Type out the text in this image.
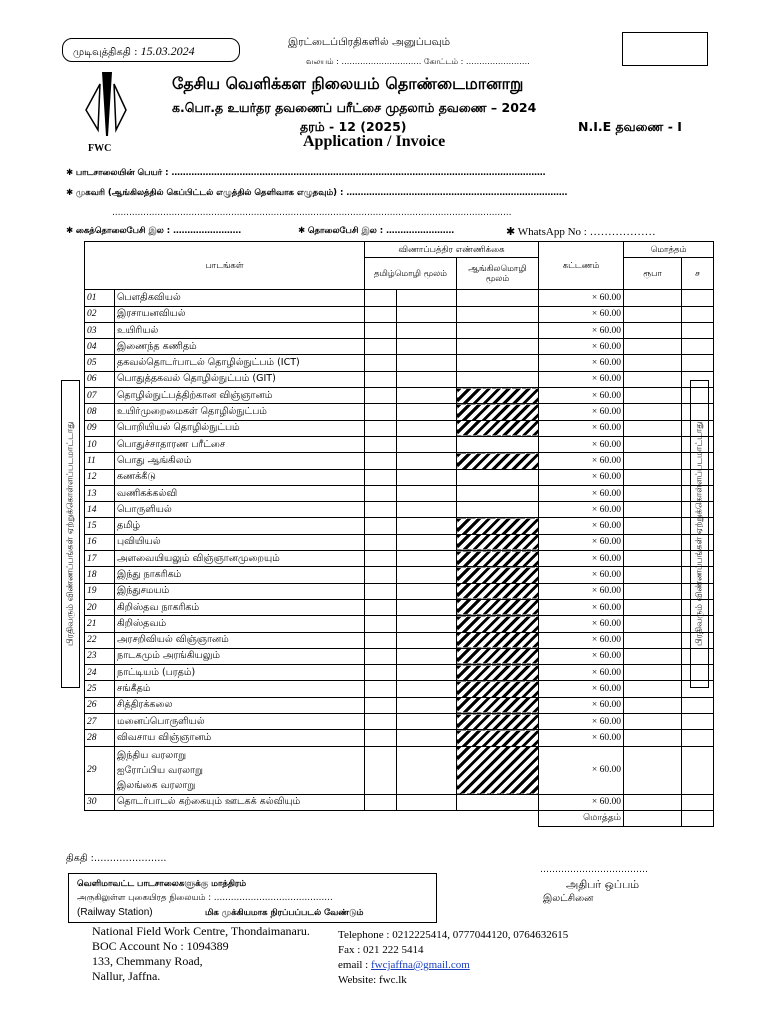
முடிவுத்திகதி : 15.03.2024
இரட்டைப்பிரதிகளில் அனுப்பவும்
வலயம் : ………………………… கோட்டம் : ……………………
FWC
தேசிய வெளிக்கள நிலையம் தொண்டைமானாறு
க.பொ.த உயர்தர தவணைப் பரீட்சை முதலாம் தவணை – 2024
தரம் - 12 (2025)	N.I.E தவணை - I
Application / Invoice
✱ பாடசாலையின் பெயர் : ……………………………………………………………………………………………………………………
✱ முகவரி (ஆங்கிலத்தில் கெப்பிட்டல் எழுத்தில் தெளிவாக எழுதவும்) : ……………………………………………………………………
……………………………………………………………………………………………………………………………
✱ கைத்தொலைபேசி இல : ……………………	✱ தொலைபேசி இல : ……………………	✱ WhatsApp No : ………………
பிரதிவரும் விண்ணப்பங்கள் ஏற்றுக்கொள்ளப்படமாட்டாது	பிரதிவரும் விண்ணப்பங்கள் ஏற்றுக்கொள்ளப்படமாட்டாது
பாடங்கள்		விணாப்பத்திர எண்ணிக்கை			கட்டணம்	மொத்தம்	
		தமிழ்மொழி மூலம்		ஆங்கிலமொழி மூலம்		ரூபா	ச
01	பௌதிகவியல்				× 60.00		
02	இரசாயனவியல்				× 60.00		
03	உயிரியல்				× 60.00		
04	இணைந்த கணிதம்				× 60.00		
05	தகவல்தொடர்பாடல் தொழில்நுட்பம் (ICT)				× 60.00		
06	பொதுத்தகவல் தொழில்நுட்பம் (GIT)				× 60.00		
07	தொழில்நுட்பத்திற்கான விஞ்ஞானம்				× 60.00		
08	உயிர்முறைமைகள் தொழில்நுட்பம்				× 60.00		
09	பொறியியல் தொழில்நுட்பம்				× 60.00		
10	பொதுச்சாதாரண பரீட்சை				× 60.00		
11	பொது ஆங்கிலம்				× 60.00		
12	கணக்கீடு				× 60.00		
13	வணிகக்கல்வி				× 60.00		
14	பொருளியல்				× 60.00		
15	தமிழ்				× 60.00		
16	புவியியல்				× 60.00		
17	அளவையியலும் விஞ்ஞானமுறையும்				× 60.00		
18	இந்து நாகரிகம்				× 60.00		
19	இந்துசமயம்				× 60.00		
20	கிறிஸ்தவ நாகரிகம்				× 60.00		
21	கிறிஸ்தவம்				× 60.00		
22	அரசறிவியல் விஞ்ஞானம்				× 60.00		
23	நாடகமும் அரங்கியலும்				× 60.00		
24	நாட்டியம் (பரதம்)				× 60.00		
25	சங்கீதம்				× 60.00		
26	சித்திரக்கலை				× 60.00		
27	மனைப்பொருளியல்				× 60.00		
28	விவசாய விஞ்ஞானம்				× 60.00		
29	இந்திய வரலாறு
ஐரோப்பிய வரலாறு
இலங்கை வரலாறு				× 60.00		
30	தொடர்பாடல் கற்கையும் ஊடகக் கல்வியும்				× 60.00		
					மொத்தம்		
திகதி :…………………..
………………………………
அதிபர் ஒப்பம்
இலட்சினை
வெளிமாவட்ட பாடசாலைகளுக்கு மாத்திரம்
அருகிலுள்ள புகையிரத நிலையம் : ……………………………………
(Railway Station)	மிக முக்கியமாக நிரப்பப்படல் வேண்டும்
National Field Work Centre, Thondaimanaru.
BOC Account No : 1094389
133, Chemmany Road,
Nallur, Jaffna.
Telephone : 0212225414, 0777044120, 0764632615
Fax : 021 222 5414
email : fwcjaffna@gmail.com
Website: fwc.lk
